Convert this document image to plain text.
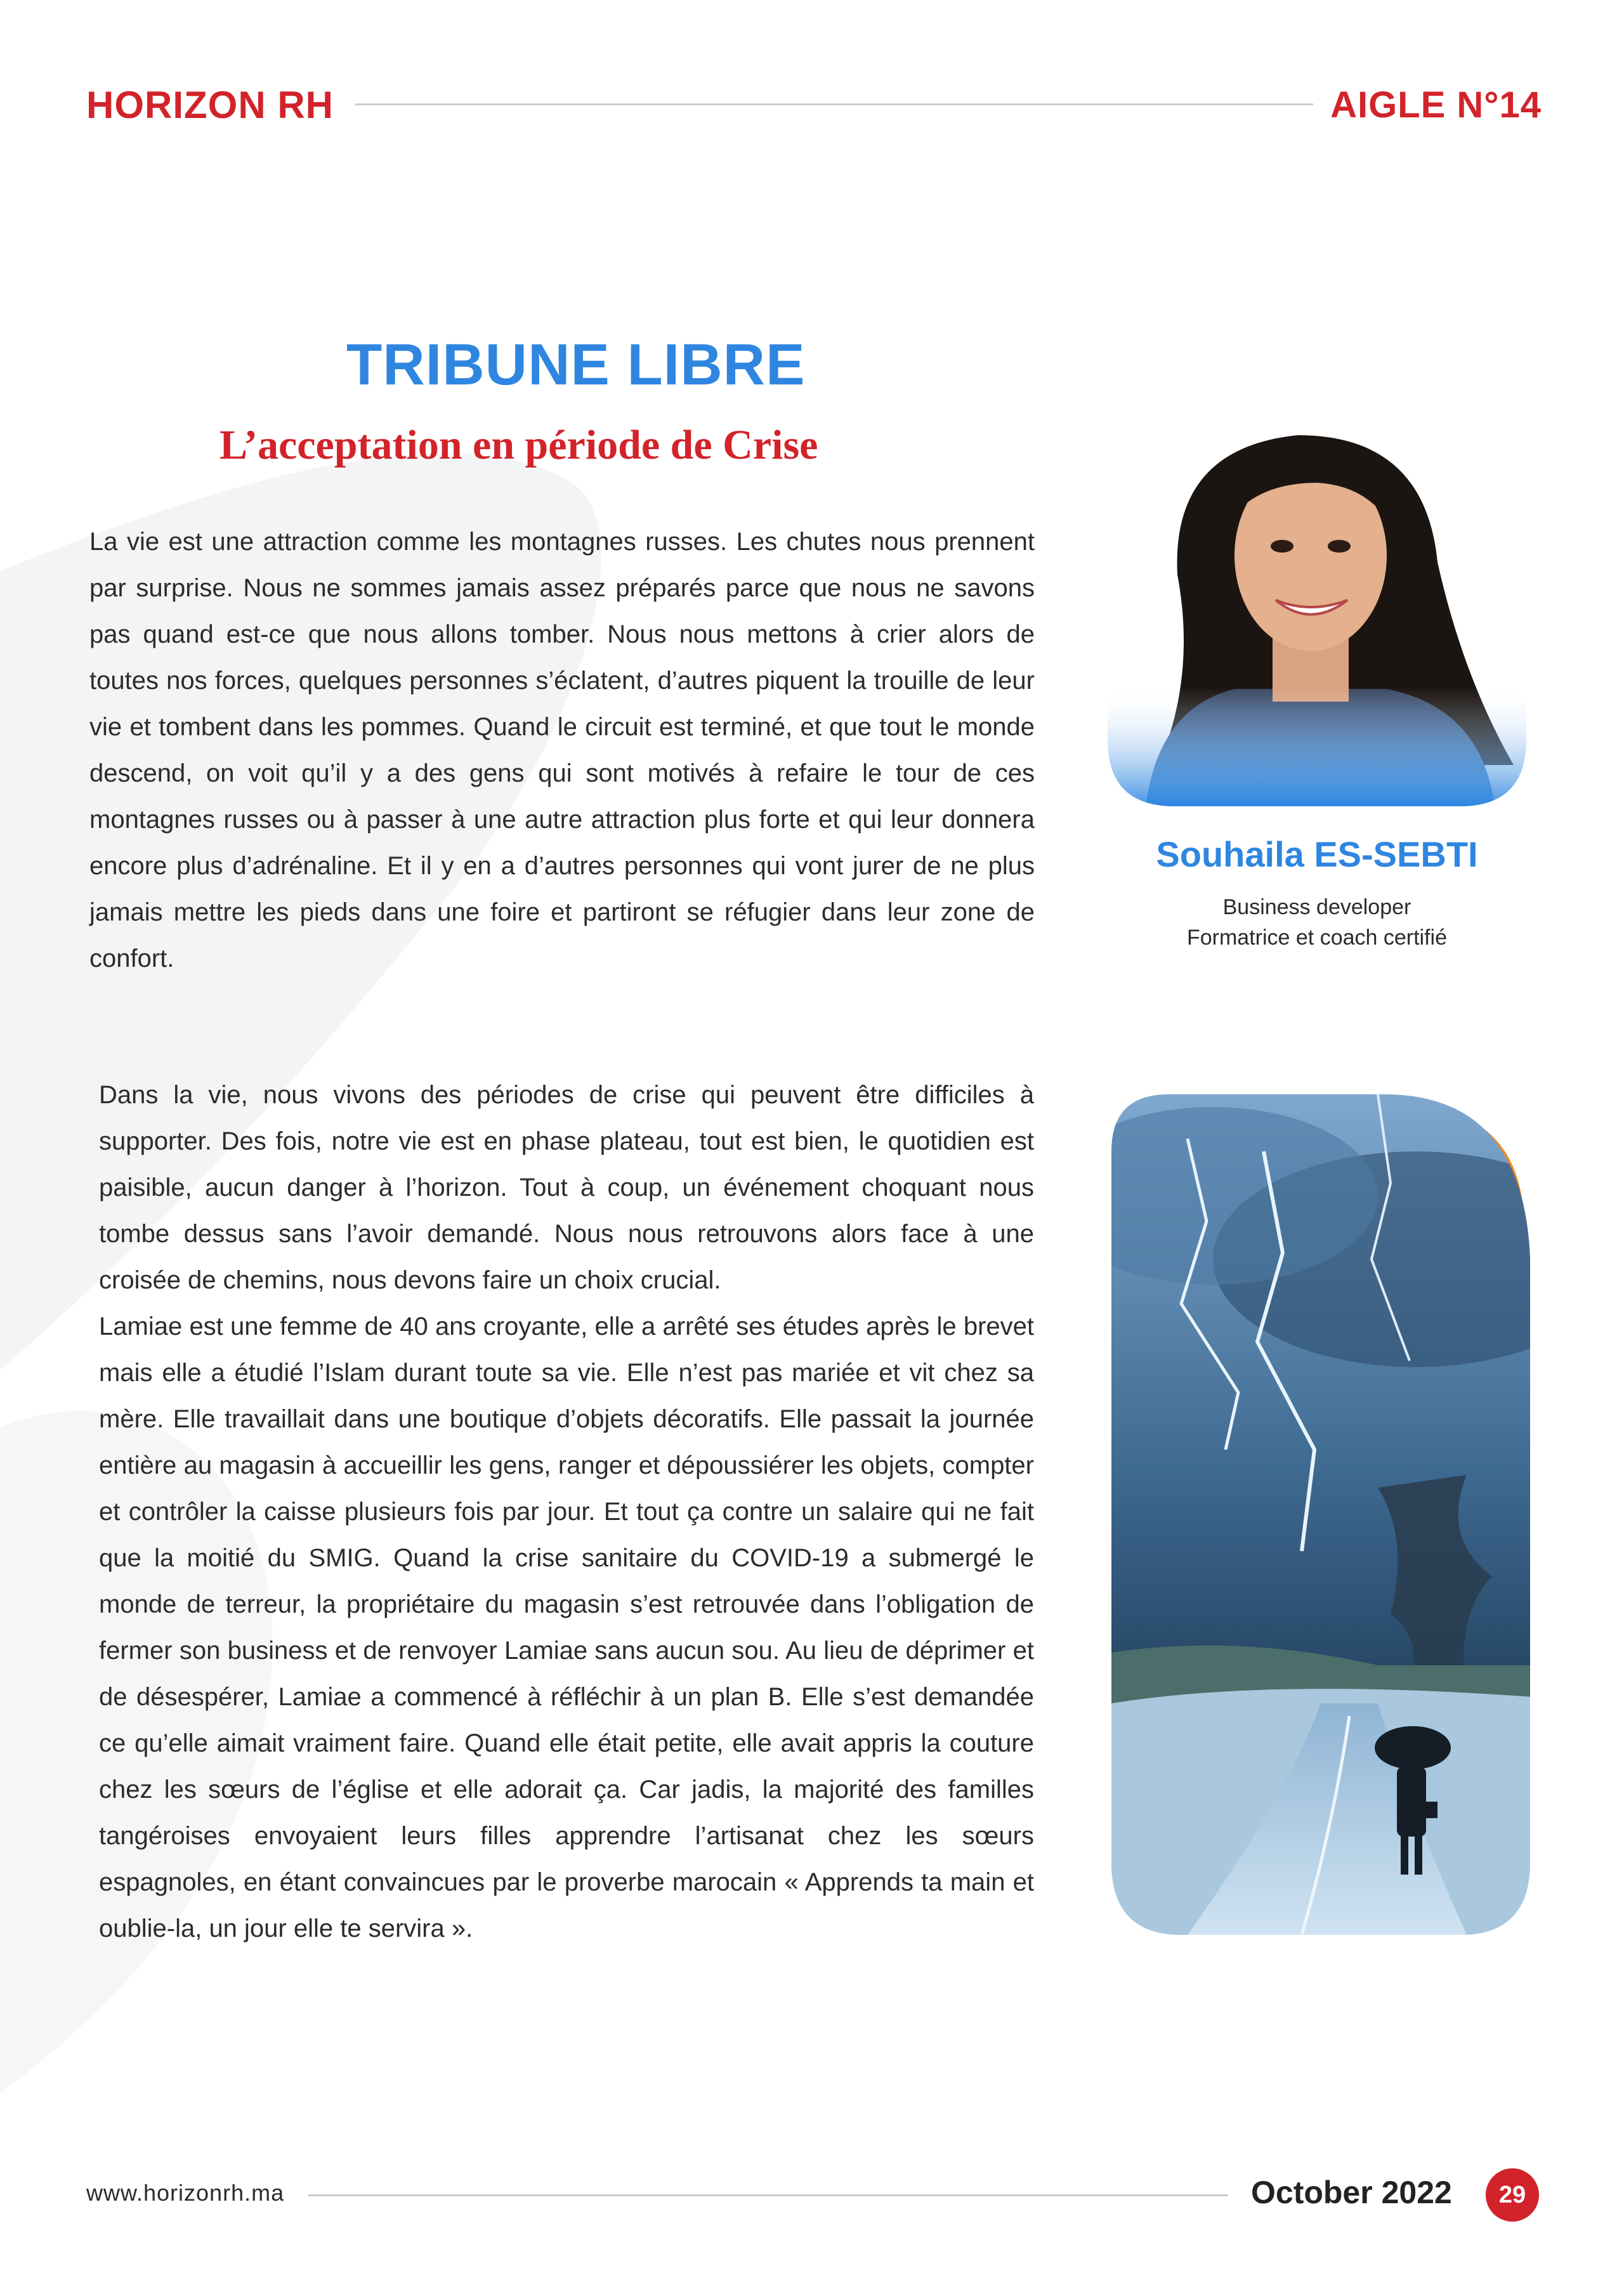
HORIZON RH	AIGLE N°14
TRIBUNE LIBRE
L’acceptation en période de Crise
La vie est une attraction comme les montagnes russes. Les chutes nous prennent par surprise. Nous ne sommes jamais assez préparés parce que nous ne savons pas quand est-ce que nous allons tomber. Nous nous mettons à crier alors de toutes nos forces, quelques personnes s’éclatent, d’autres piquent la trouille de leur vie et tombent dans les pommes. Quand le circuit est terminé, et que tout le monde descend, on voit qu’il y a des gens qui sont motivés à refaire le tour de ces montagnes russes ou à passer à une autre attraction plus forte et qui leur donnera encore plus d’adrénaline. Et il y en a d’autres personnes qui vont jurer de ne plus jamais mettre les pieds dans une foire et partiront se réfugier dans leur zone de confort.
Dans la vie, nous vivons des périodes de crise qui peuvent être difficiles à supporter. Des fois, notre vie est en phase plateau, tout est bien, le quotidien est paisible, aucun danger à l’horizon. Tout à coup, un événement choquant nous tombe dessus sans l’avoir demandé. Nous nous retrouvons alors face à une croisée de chemins, nous devons faire un choix crucial.
Lamiae est une femme de 40 ans croyante, elle a arrêté ses études après le brevet mais elle a étudié l’Islam durant toute sa vie. Elle n’est pas mariée et vit chez sa mère. Elle travaillait dans une boutique d’objets décoratifs. Elle passait la journée entière au magasin à accueillir les gens, ranger et dépoussiérer les objets, compter et contrôler la caisse plusieurs fois par jour. Et tout ça contre un salaire qui ne fait que la moitié du SMIG. Quand la crise sanitaire du COVID-19 a submergé le monde de terreur, la propriétaire du magasin s’est retrouvée dans l’obligation de fermer son business et de renvoyer Lamiae sans aucun sou. Au lieu de déprimer et de désespérer, Lamiae a commencé à réfléchir à un plan B. Elle s’est demandée ce qu’elle aimait vraiment faire. Quand elle était petite, elle avait appris la couture chez les sœurs de l’église et elle adorait ça. Car jadis, la majorité des familles tangéroises envoyaient leurs filles apprendre l’artisanat chez les sœurs espagnoles, en étant convaincues par le proverbe marocain « Apprends ta main et oublie-la, un jour elle te servira ».
Souhaila ES-SEBTI
Business developer
Formatrice et coach certifié
www.horizonrh.ma	October 2022	29
